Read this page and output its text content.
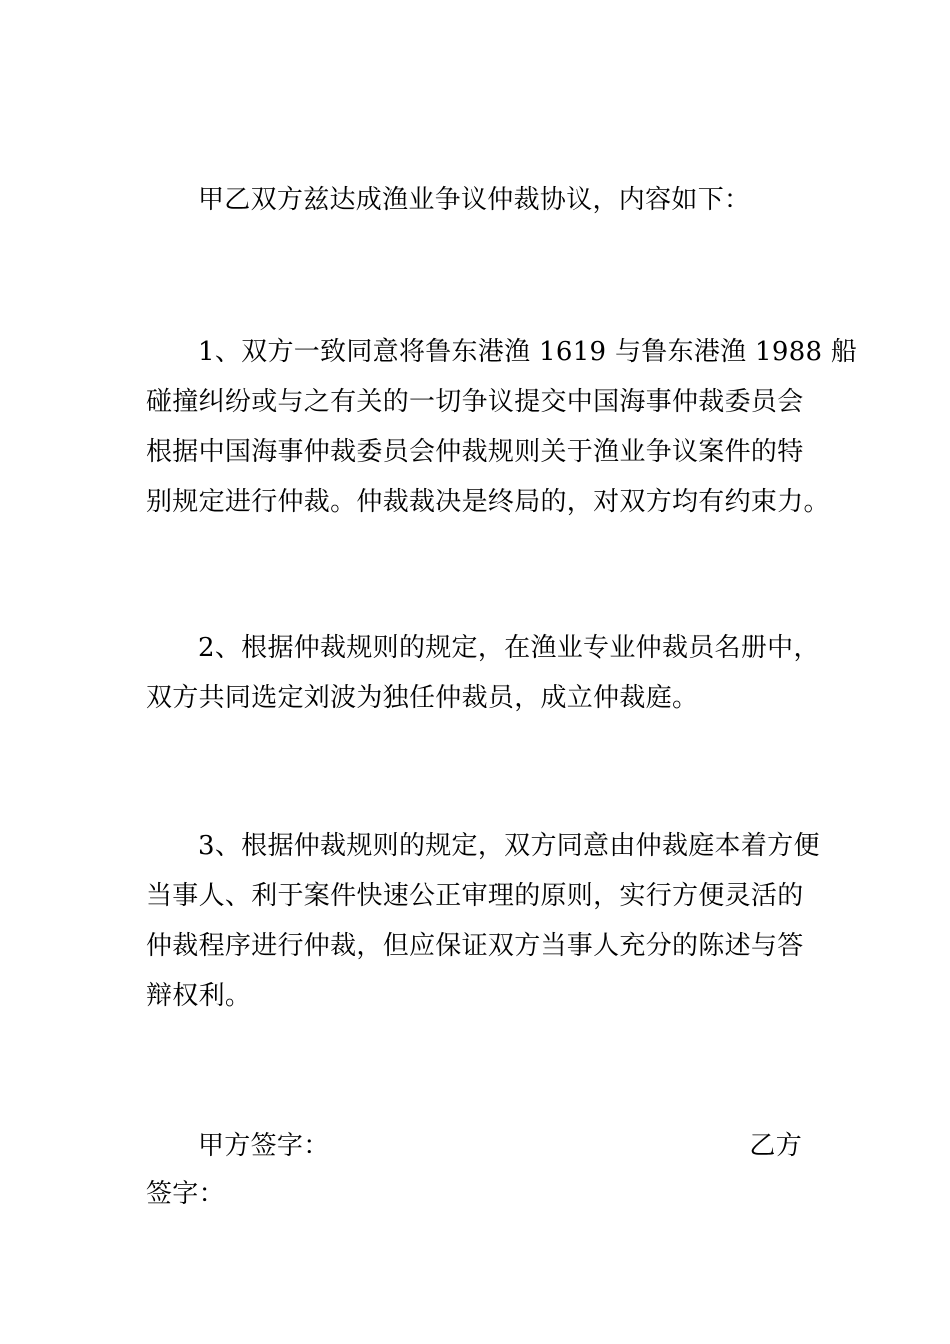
甲乙双方兹达成渔业争议仲裁协议，内容如下：
1、双方一致同意将鲁东港渔 1619 与鲁东港渔 1988 船
碰撞纠纷或与之有关的一切争议提交中国海事仲裁委员会
根据中国海事仲裁委员会仲裁规则关于渔业争议案件的特
别规定进行仲裁。仲裁裁决是终局的，对双方均有约束力。
2、根据仲裁规则的规定，在渔业专业仲裁员名册中，
双方共同选定刘波为独任仲裁员，成立仲裁庭。
3、根据仲裁规则的规定，双方同意由仲裁庭本着方便
当事人、利于案件快速公正审理的原则，实行方便灵活的
仲裁程序进行仲裁，但应保证双方当事人充分的陈述与答
辩权利。
甲方签字：	乙方
签字：
